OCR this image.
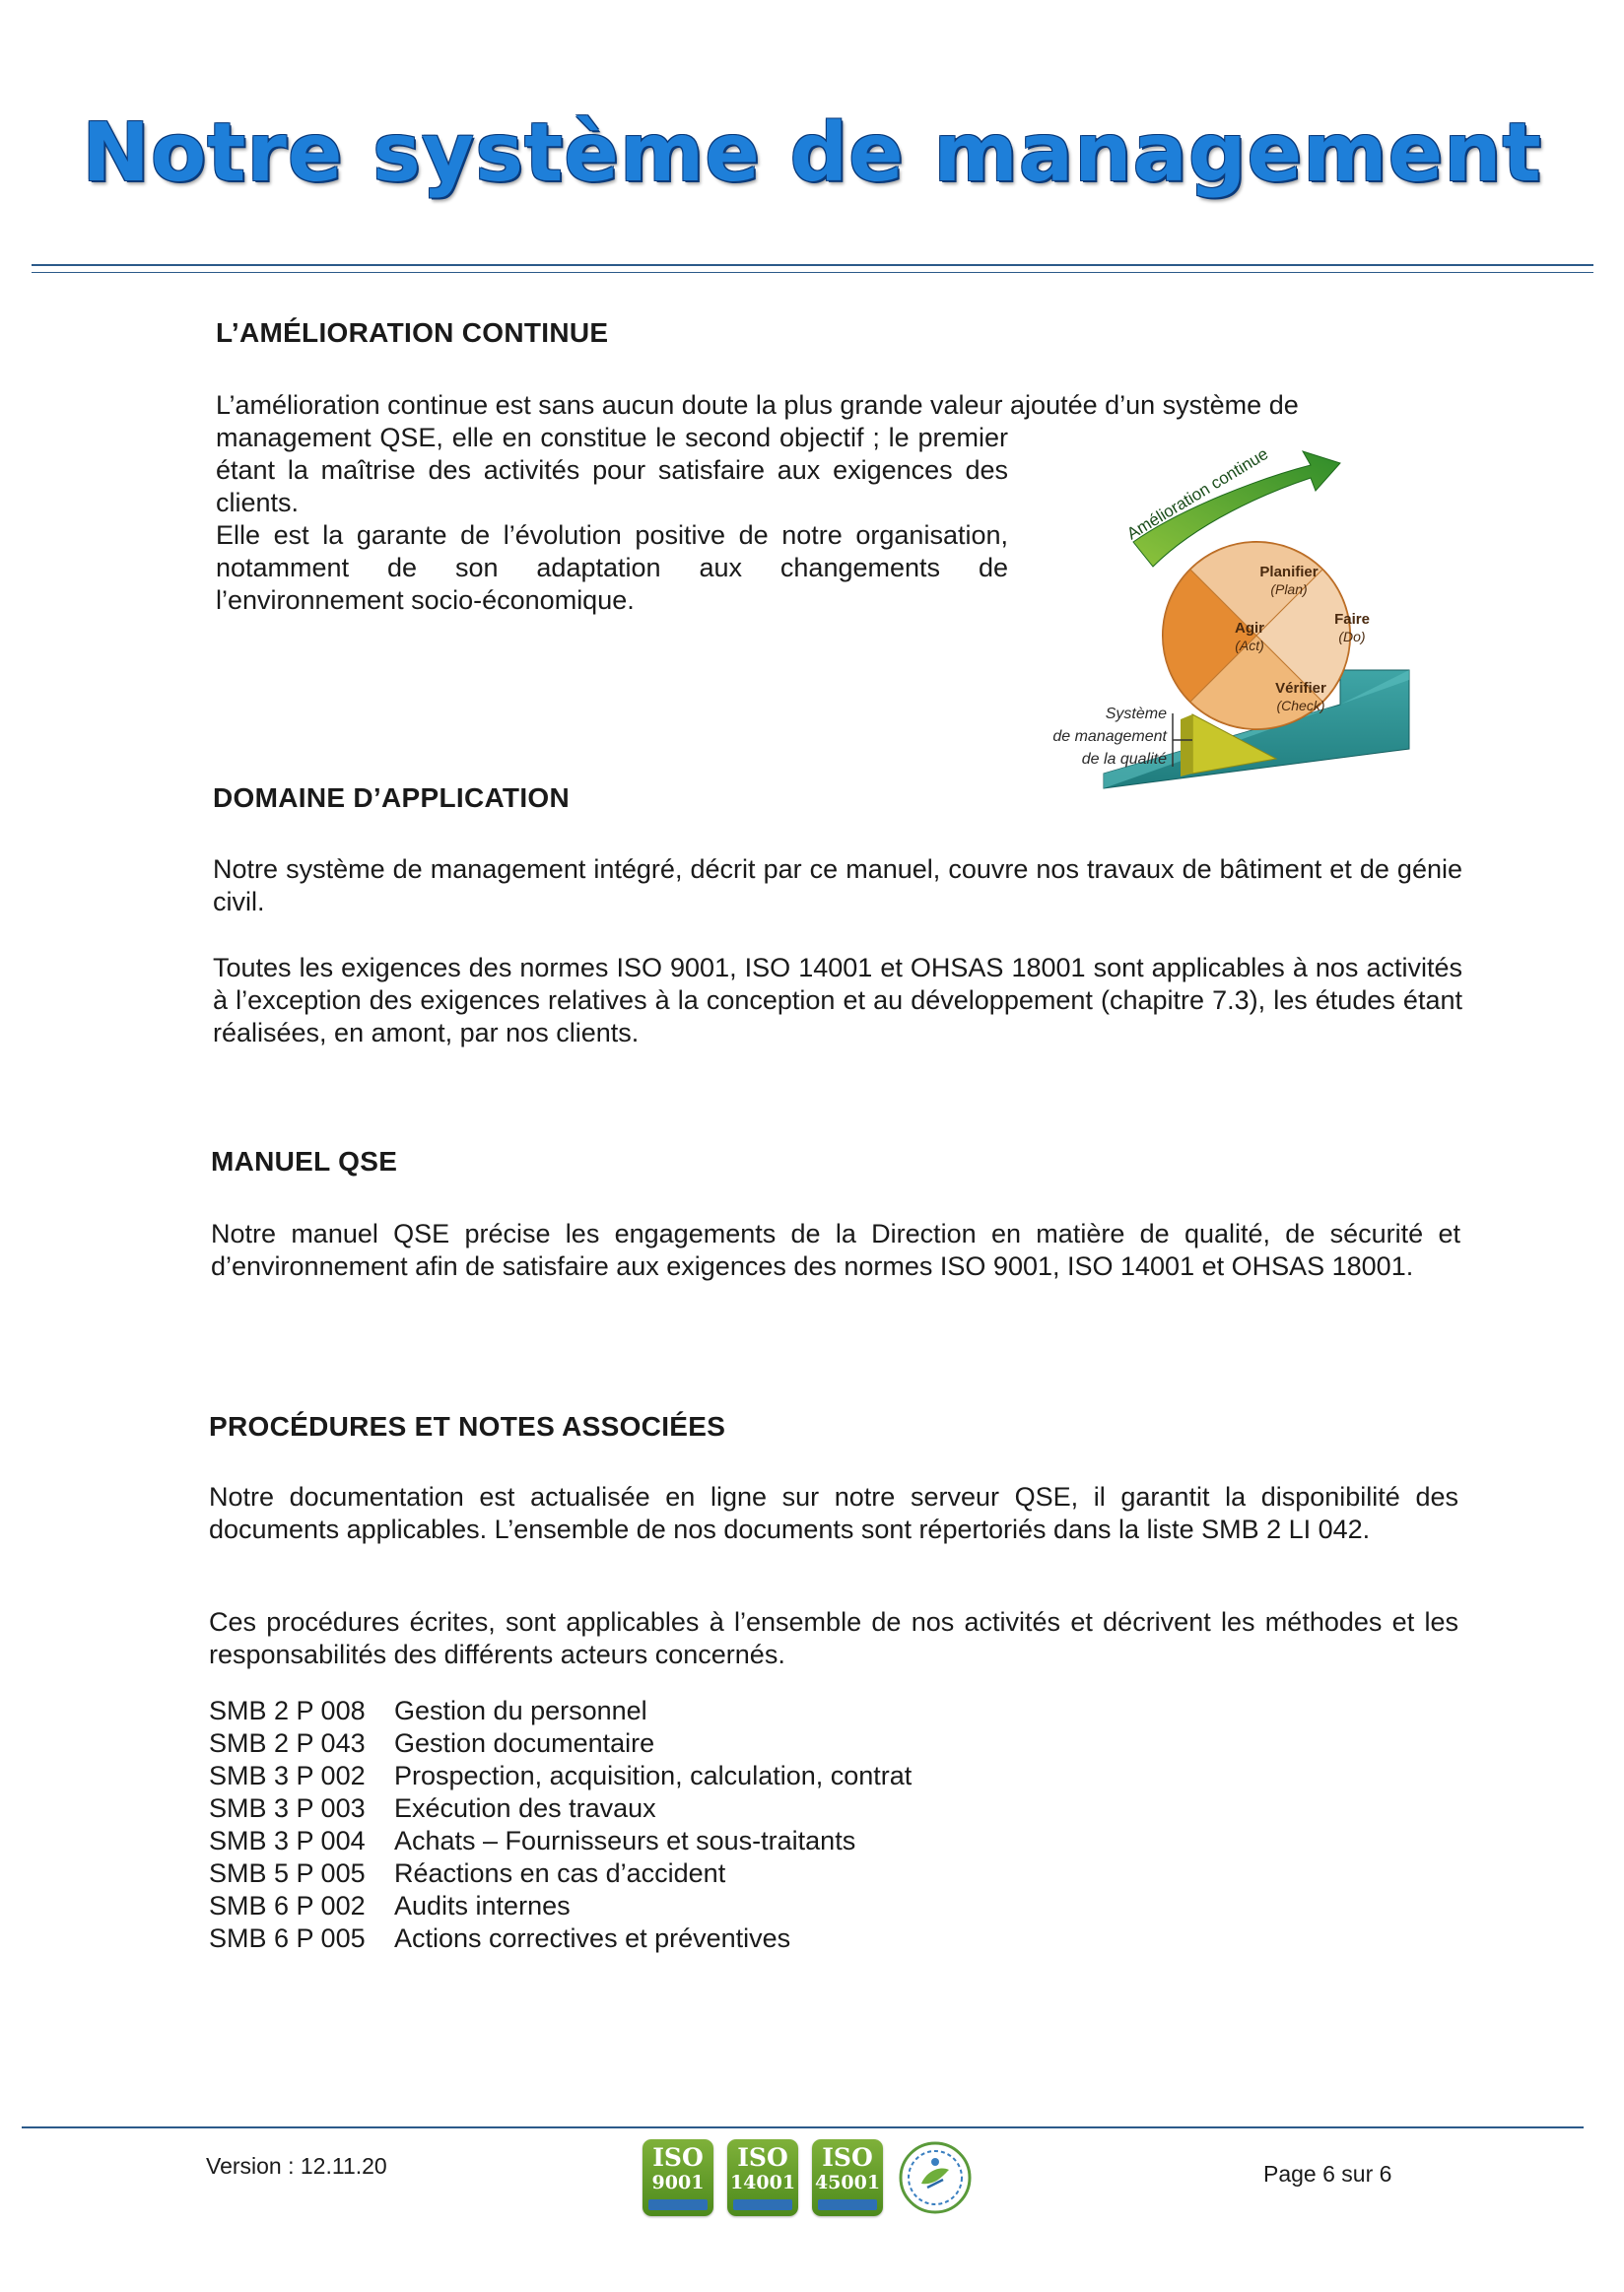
Notre système de management
L’AMÉLIORATION CONTINUE
L’amélioration continue est sans aucun doute la plus grande valeur ajoutée d’un système de

management QSE, elle en constitue le second objectif ; le premier étant la maîtrise des activités pour satisfaire aux exigences des clients.

Elle est la garante de l’évolution positive de notre organisation, notamment de son adaptation aux changements de l’environnement socio-économique.

Amélioration continue
Planifier
(Plan)
Faire
(Do)
Agir
(Act)
Vérifier
(Check)
Système
de management
de la qualité
DOMAINE D’APPLICATION
Notre système de management intégré, décrit par ce manuel, couvre nos travaux de bâtiment et de génie civil.
Toutes les exigences des normes ISO 9001, ISO 14001 et OHSAS 18001 sont applicables à nos activités à l’exception des exigences relatives à la conception et au développement (chapitre 7.3), les études étant réalisées, en amont, par nos clients.
MANUEL QSE
Notre manuel QSE précise les engagements de la Direction en matière de qualité, de sécurité et d’environnement afin de satisfaire aux exigences des normes ISO 9001, ISO 14001 et OHSAS 18001.
PROCÉDURES ET NOTES ASSOCIÉES
Notre documentation est actualisée en ligne sur notre serveur QSE, il garantit la disponibilité des documents applicables. L’ensemble de nos documents sont répertoriés dans la liste SMB 2 LI 042.
Ces procédures écrites, sont applicables à l’ensemble de nos activités et décrivent les méthodes et les responsabilités des différents acteurs concernés.
SMB 2 P 008	Gestion du personnel
SMB 2 P 043	Gestion documentaire
SMB 3 P 002	Prospection, acquisition, calculation, contrat
SMB 3 P 003	Exécution des travaux
SMB 3 P 004	Achats – Fournisseurs et sous-traitants
SMB 5 P 005	Réactions en cas d’accident
SMB 6 P 002	Audits internes
SMB 6 P 005	Actions correctives et préventives
Version : 12.11.20	ISO
9001
ISO
14001
ISO
45001	Page 6 sur 6
